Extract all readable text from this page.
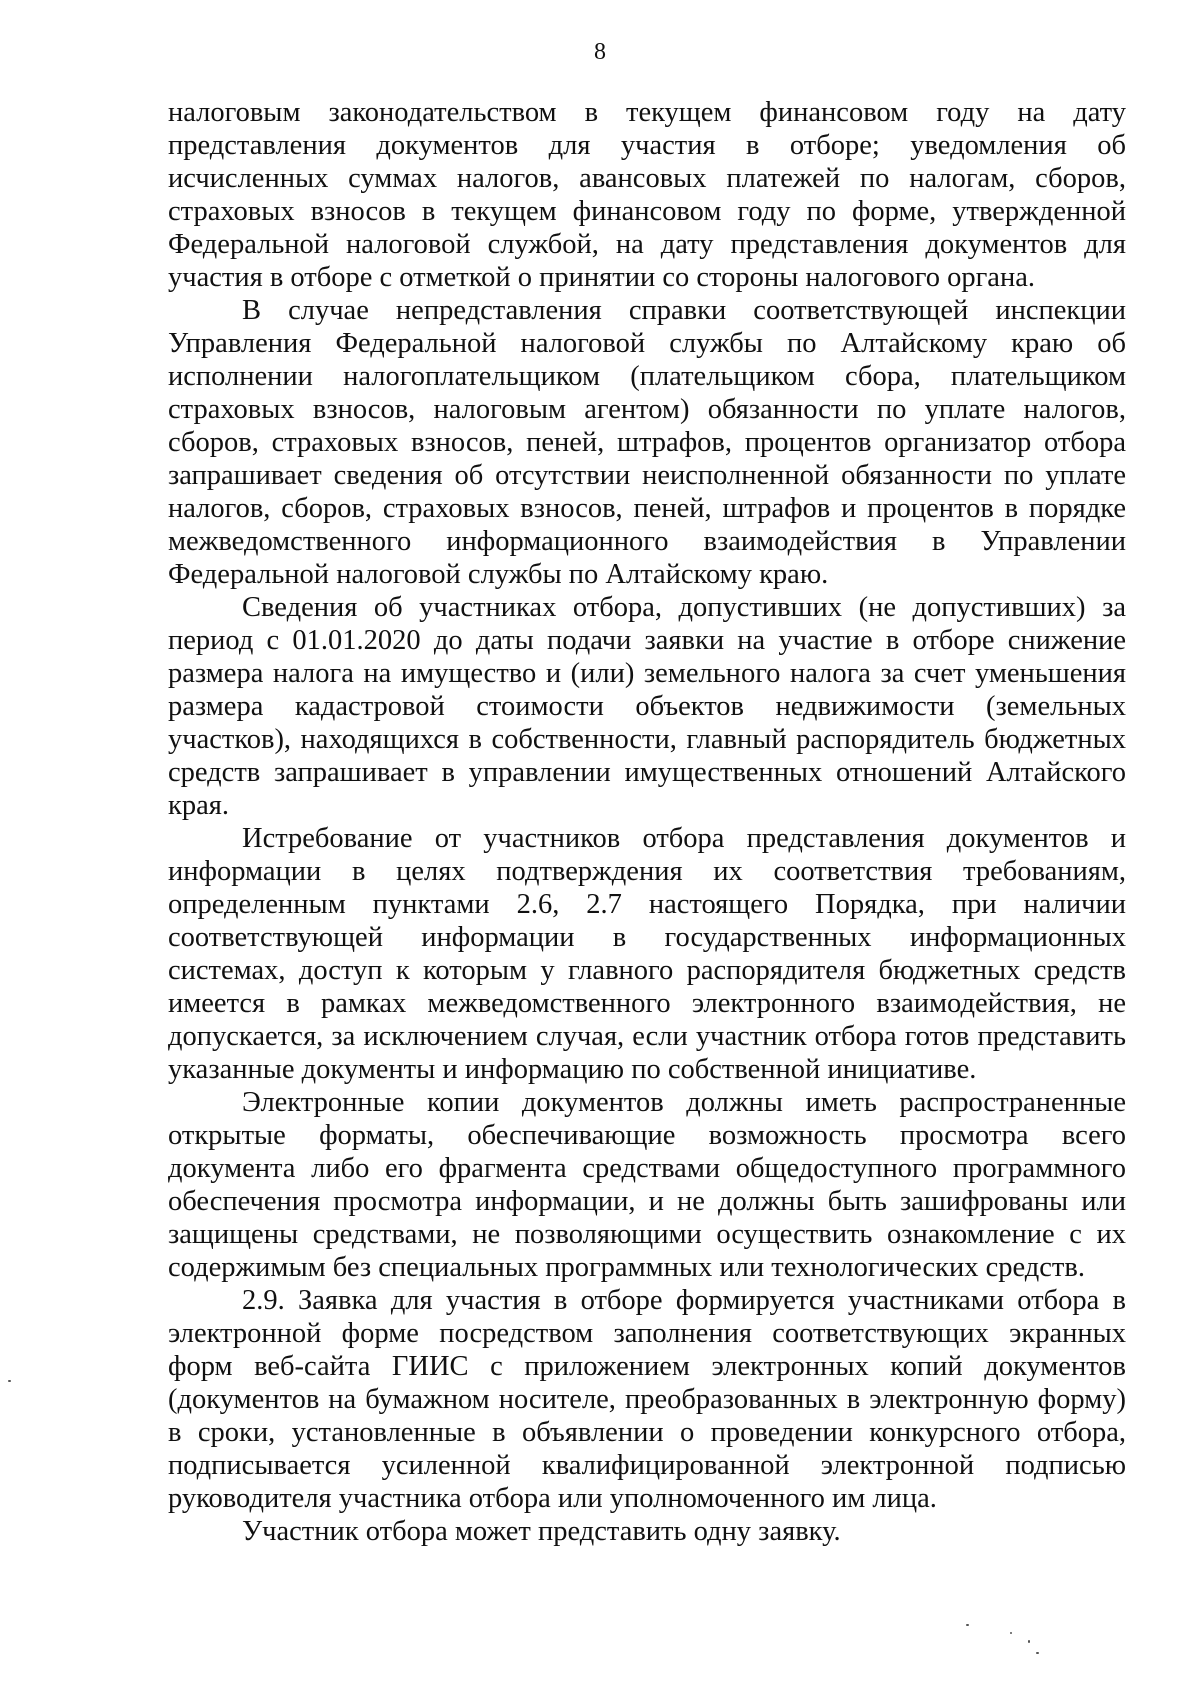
8

налоговым законодательством в текущем финансовом году на дату представления документов для участия в отборе; уведомления об исчисленных суммах налогов, авансовых платежей по налогам, сборов, страховых взносов в текущем финансовом году по форме, утвержденной Федеральной налоговой службой, на дату представления документов для участия в отборе с отметкой о принятии со стороны налогового органа.

В случае непредставления справки соответствующей инспекции Управления Федеральной налоговой службы по Алтайскому краю об исполнении налогоплательщиком (плательщиком сбора, плательщиком страховых взносов, налоговым агентом) обязанности по уплате налогов, сборов, страховых взносов, пеней, штрафов, процентов организатор отбора запрашивает сведения об отсутствии неисполненной обязанности по уплате налогов, сборов, страховых взносов, пеней, штрафов и процентов в порядке межведомственного информационного взаимодействия в Управлении Федеральной налоговой службы по Алтайскому краю.

Сведения об участниках отбора, допустивших (не допустивших) за период с 01.01.2020 до даты подачи заявки на участие в отборе снижение размера налога на имущество и (или) земельного налога за счет уменьшения размера кадастровой стоимости объектов недвижимости (земельных участков), находящихся в собственности, главный распорядитель бюджетных средств запрашивает в управлении имущественных отношений Алтайского края.

Истребование от участников отбора представления документов и информации в целях подтверждения их соответствия требованиям, определенным пунктами 2.6, 2.7 настоящего Порядка, при наличии соответствующей информации в государственных информационных системах, доступ к которым у главного распорядителя бюджетных средств имеется в рамках межведомственного электронного взаимодействия, не допускается, за исключением случая, если участник отбора готов представить указанные документы и информацию по собственной инициативе.

Электронные копии документов должны иметь распространенные открытые форматы, обеспечивающие возможность просмотра всего документа либо его фрагмента средствами общедоступного программного обеспечения просмотра информации, и не должны быть зашифрованы или защищены средствами, не позволяющими осуществить ознакомление с их содержимым без специальных программных или технологических средств.

2.9. Заявка для участия в отборе формируется участниками отбора в электронной форме посредством заполнения соответствующих экранных форм веб-сайта ГИИС с приложением электронных копий документов (документов на бумажном носителе, преобразованных в электронную форму) в сроки, установленные в объявлении о проведении конкурсного отбора, подписывается усиленной квалифицированной электронной подписью руководителя участника отбора или уполномоченного им лица.

Участник отбора может представить одну заявку.
